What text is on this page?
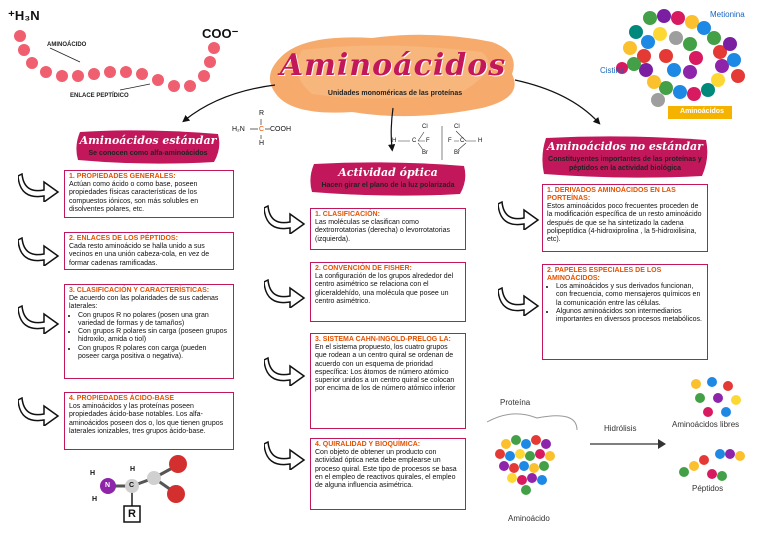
Aminoácidos
Unidades monoméricas de las proteínas
⁺H₃N
COO⁻
AMINOÁCIDO
ENLACE PEPTÍDICO
R
H₂N C COOH
H
Cl
H	C F
Br
Cl
F C H
Br
Metionina
Cistina
Aminoácidos
Aminoácidos estándar
Se conocen como alfa-aminoácidos
1. PROPIEDADES GENERALES:
Actúan como ácido o como base, poseen propiedades físicas características de los compuestos iónicos, son más solubles en disolventes polares, etc.
2. ENLACES DE LOS PÉPTIDOS:
Cada resto aminoácido se halla unido a sus vecinos en una unión cabeza-cola, en vez de formar cadenas ramificadas.
3. CLASIFICACIÓN Y CARACTERÍSTICAS:
De acuerdo con las polaridades de sus cadenas laterales:
• Con grupos R no polares (posen una gran variedad de formas y de tamaños)
• Con grupos R polares sin carga (poseen grupos hidroxilo, amida o tiol)
• Con grupos R polares con carga (pueden poseer carga positiva o negativa).
4. PROPIEDADES ÁCIDO-BASE
Los aminoácidos y las proteínas poseen propiedades ácido-base notables. Los alfa-aminoácidos poseen dos o, los que tienen grupos laterales ionizables, tres grupos ácido-base.
H
N
H
C
H
R
Actividad óptica
Hacen girar el plano de la luz polarizada
1. CLASIFICACIÓN:
Las moléculas se clasifican como dextrorrotatorias (derecha) o levorrotatorias (izquierda).
2. CONVENCIÓN DE FISHER:
La configuración de los grupos alrededor del centro asimétrico se relaciona con el gliceraldehído, una molécula que posee un centro asimétrico.
3. SISTEMA CAHN-INGOLD-PRELOG LA:
En el sistema propuesto, los cuatro grupos que rodean a un centro quiral se ordenan de acuerdo con un esquema de prioridad específica: Los átomos de número atómico superior unidos a un centro quiral se colocan por encima de los de número atómico inferior
4. QUIRALIDAD Y BIOQUÍMICA:
Con objeto de obtener un producto con actividad óptica neta debe emplearse un proceso quiral. Este tipo de procesos se basa en el empleo de reactivos quirales, el empleo de alguna influencia asimétrica.
Aminoácidos no estándar
Constituyentes importantes de las proteínas y péptidos en la actividad biológica
1. DERIVADOS AMINOÁCIDOS EN LAS PORTEÍNAS:
Estos aminoácidos poco frecuentes proceden de la modificación específica de un resto aminoácido después de que se ha sintetizado la cadena polipeptídica (4-hidroxiprolina , la 5-hidroxilisina, etc).
2. PAPELES ESPECIALES DE LOS AMINOÁCIDOS:
• Los aminoácidos y sus derivados funcionan, con frecuencia, como mensajeros químicos en la comunicación entre las células.
• Algunos aminoácidos son intermediarios importantes en diversos procesos metabólicos.
Proteína
Aminoácido
Hidrólisis	Aminoácidos libres
Péptidos
